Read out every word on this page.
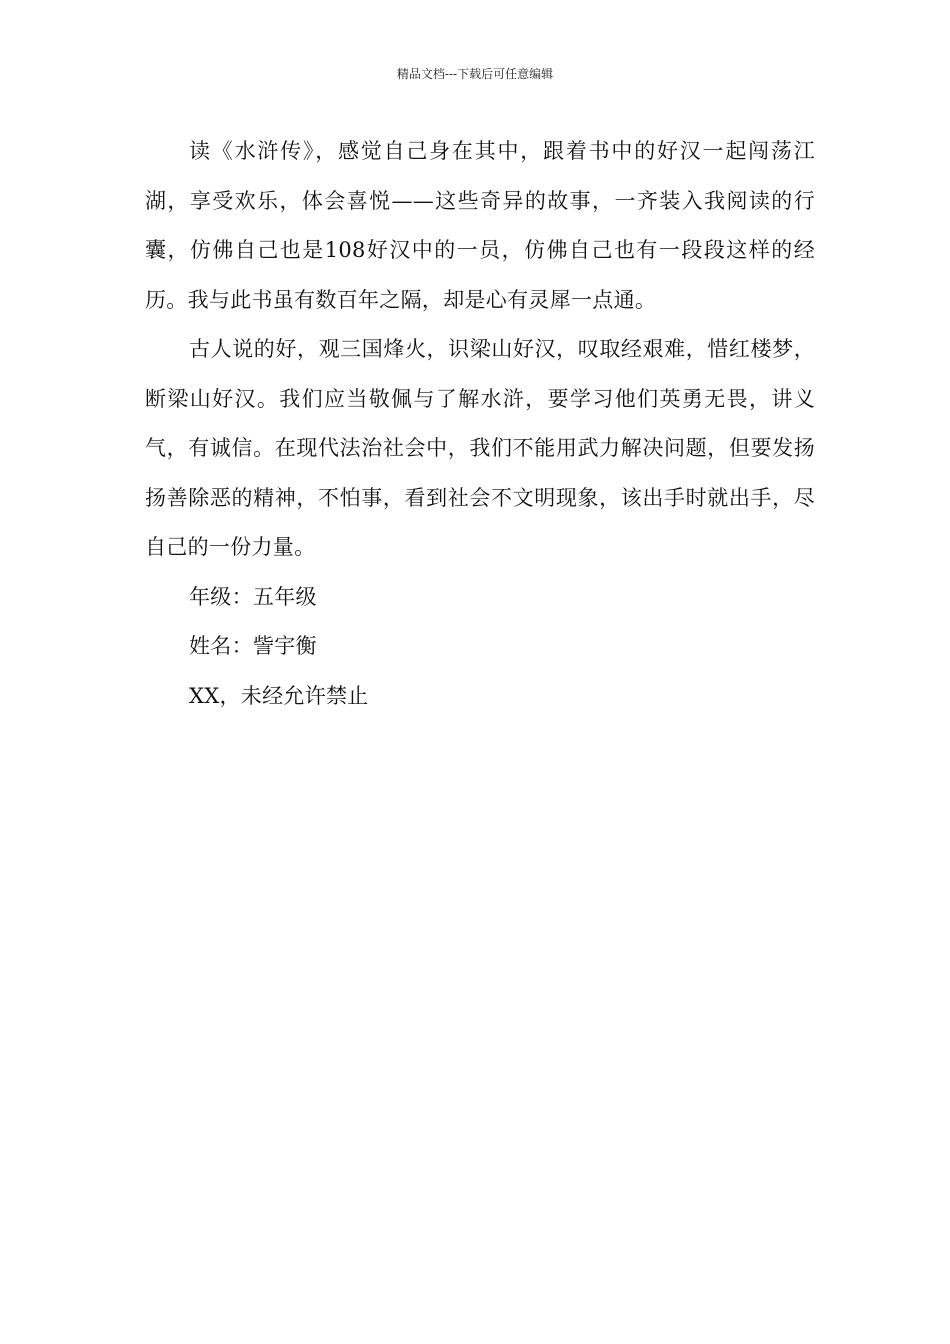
精品文档---下载后可任意编辑

读《水浒传》，感觉自己身在其中，跟着书中的好汉一起闯荡江湖，享受欢乐，体会喜悦——这些奇异的故事，一齐装入我阅读的行囊，仿佛自己也是108好汉中的一员，仿佛自己也有一段段这样的经历。我与此书虽有数百年之隔，却是心有灵犀一点通。

古人说的好，观三国烽火，识梁山好汉，叹取经艰难，惜红楼梦，断梁山好汉。我们应当敬佩与了解水浒，要学习他们英勇无畏，讲义气，有诚信。在现代法治社会中，我们不能用武力解决问题，但要发扬扬善除恶的精神，不怕事，看到社会不文明现象，该出手时就出手，尽自己的一份力量。

年级：五年级

姓名：訾宇衡

XX，未经允许禁止
